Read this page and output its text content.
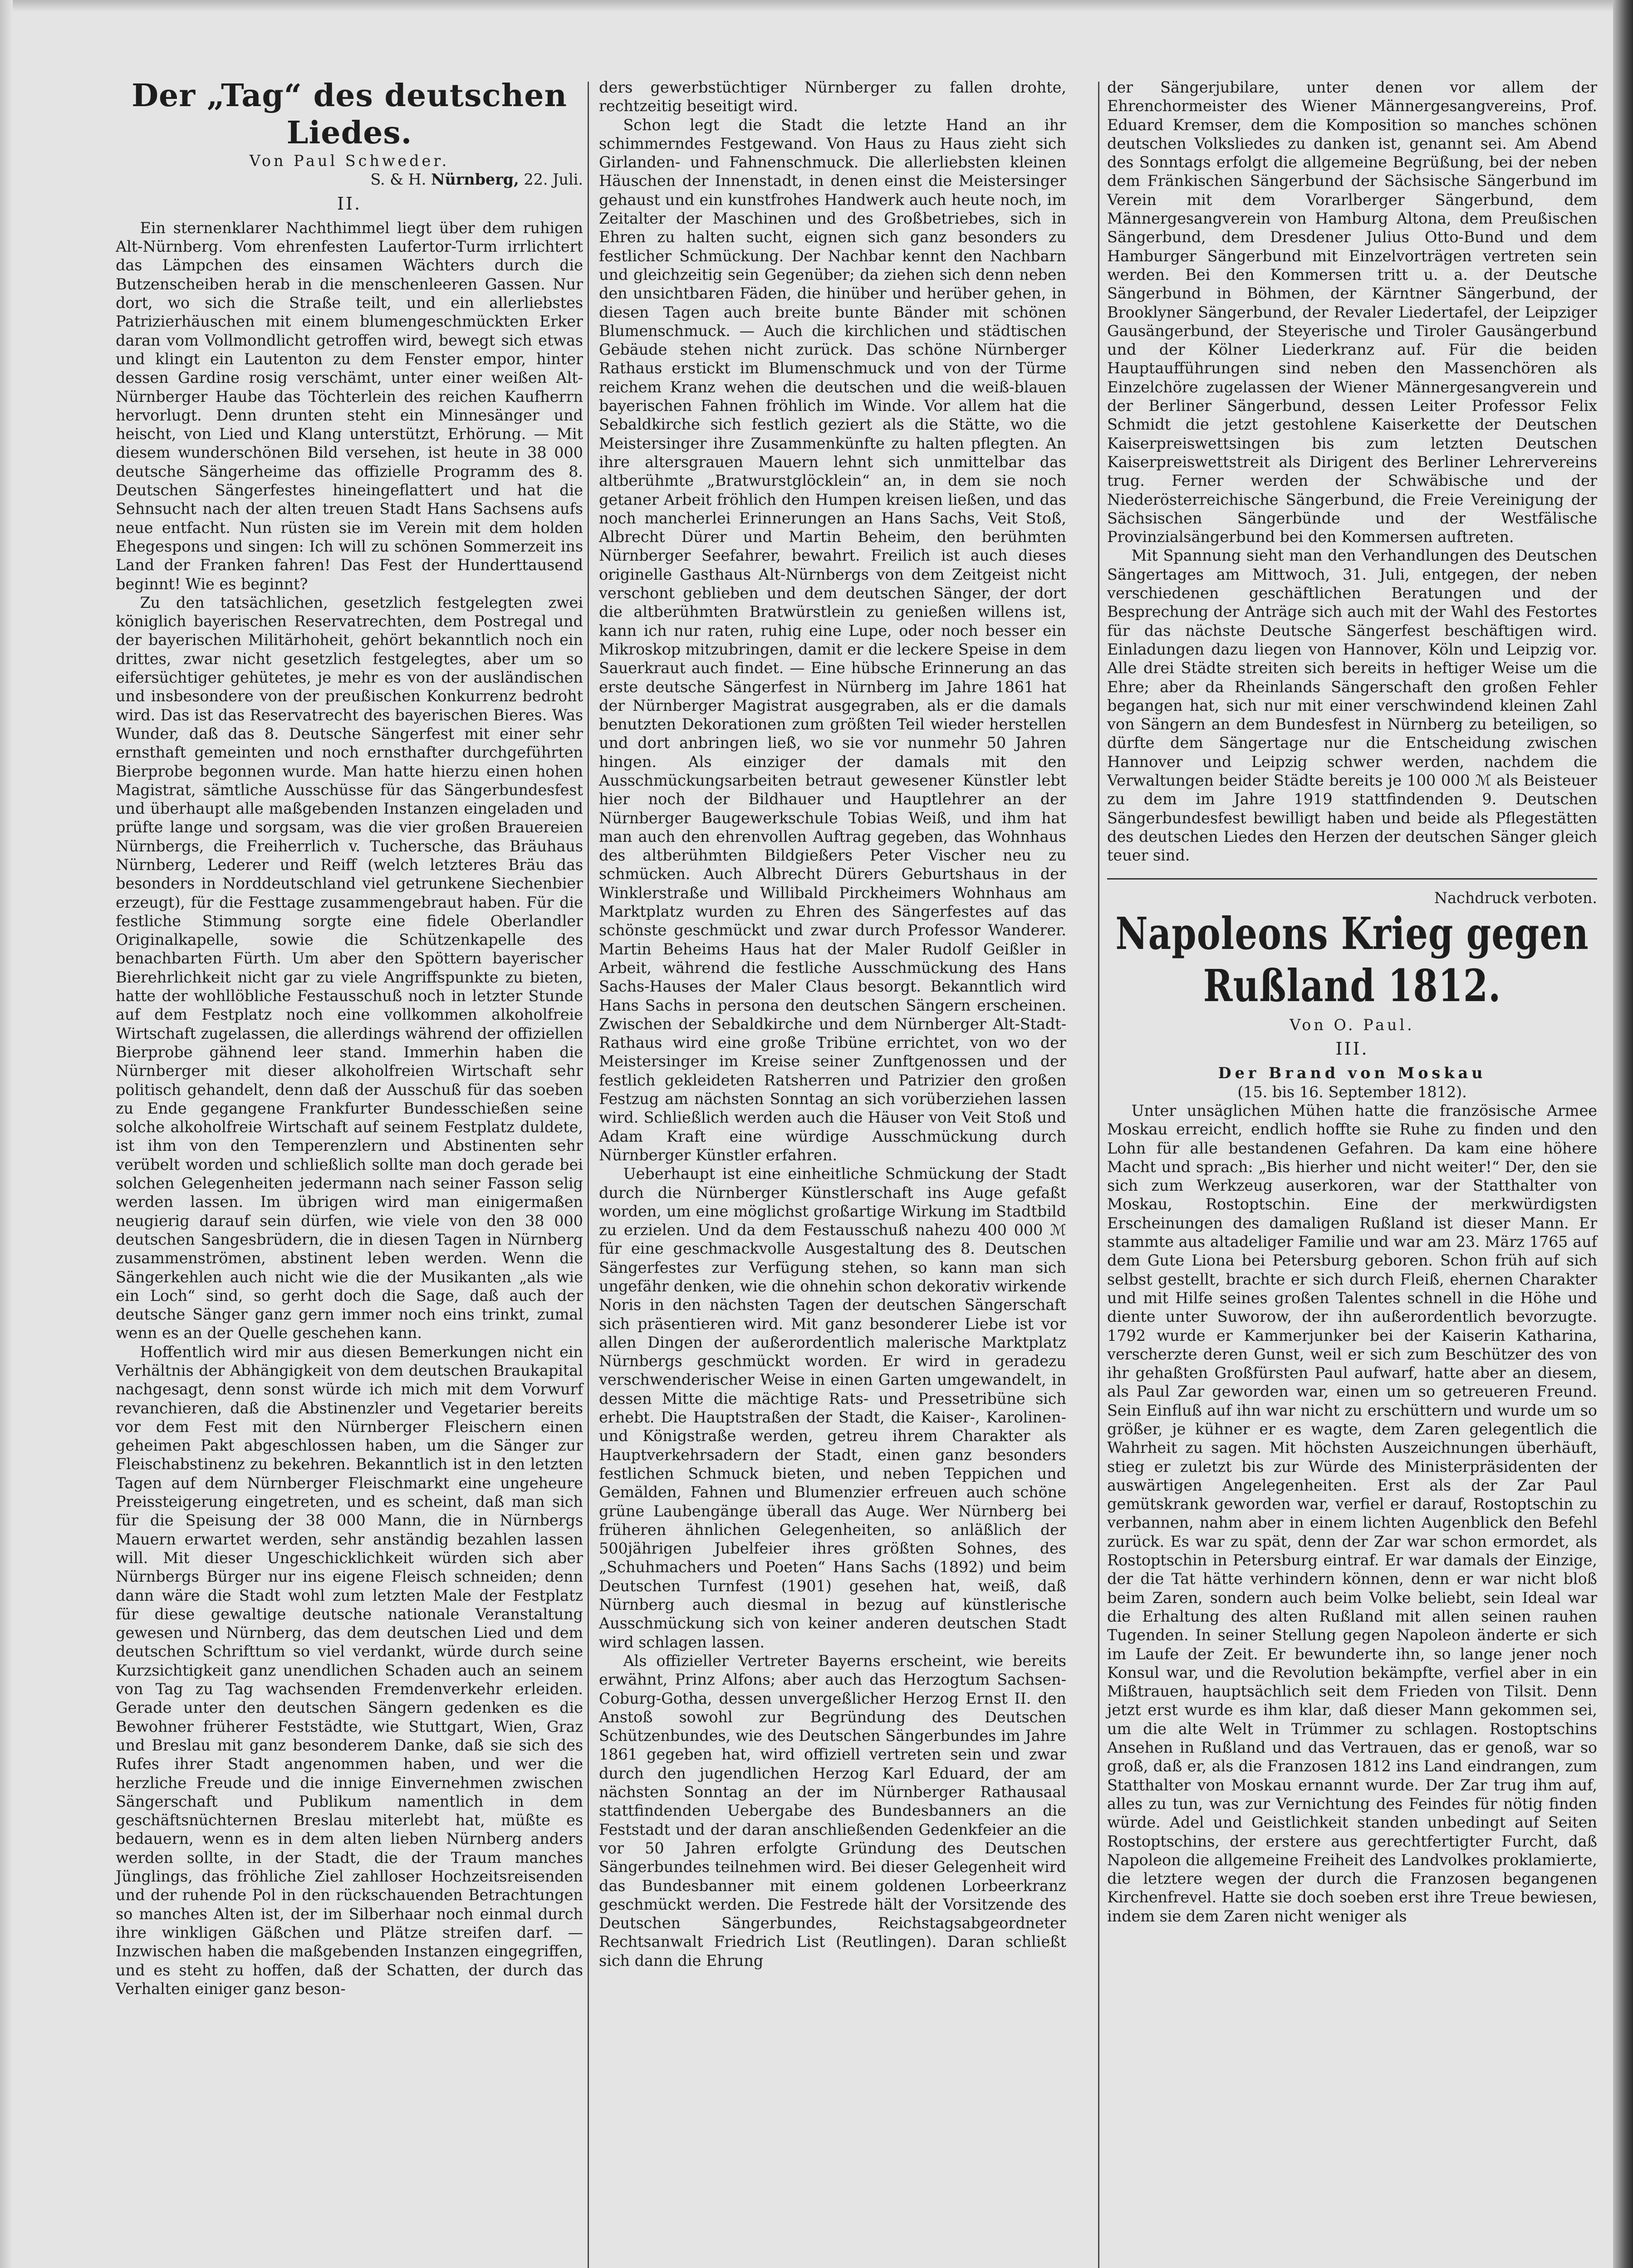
Der „Tag“ des deutschen Liedes.

Von Paul Schweder.

S. & H. Nürnberg, 22. Juli.

II.

Ein sternenklarer Nachthimmel liegt über dem ruhigen Alt-Nürnberg. Vom ehrenfesten Laufertor-Turm irrlichtert das Lämpchen des einsamen Wächters durch die Butzenscheiben herab in die menschenleeren Gassen. Nur dort, wo sich die Straße teilt, und ein allerliebstes Patrizierhäuschen mit einem blumengeschmückten Erker daran vom Vollmondlicht getroffen wird, bewegt sich etwas und klingt ein Lautenton zu dem Fenster empor, hinter dessen Gardine rosig verschämt, unter einer weißen Alt-Nürnberger Haube das Töchterlein des reichen Kaufherrn hervorlugt. Denn drunten steht ein Minnesänger und heischt, von Lied und Klang unterstützt, Erhörung. — Mit diesem wunderschönen Bild versehen, ist heute in 38 000 deutsche Sängerheime das offizielle Programm des 8. Deutschen Sängerfestes hineingeflattert und hat die Sehnsucht nach der alten treuen Stadt Hans Sachsens aufs neue entfacht. Nun rüsten sie im Verein mit dem holden Ehegespons und singen: Ich will zu schönen Sommerzeit ins Land der Franken fahren! Das Fest der Hunderttausend beginnt! Wie es beginnt?

Zu den tatsächlichen, gesetzlich festgelegten zwei königlich bayerischen Reservatrechten, dem Postregal und der bayerischen Militärhoheit, gehört bekanntlich noch ein drittes, zwar nicht gesetzlich festgelegtes, aber um so eifersüchtiger gehütetes, je mehr es von der ausländischen und insbesondere von der preußischen Konkurrenz bedroht wird. Das ist das Reservatrecht des bayerischen Bieres. Was Wunder, daß das 8. Deutsche Sängerfest mit einer sehr ernsthaft gemeinten und noch ernsthafter durchgeführten Bierprobe begonnen wurde. Man hatte hierzu einen hohen Magistrat, sämtliche Ausschüsse für das Sängerbundesfest und überhaupt alle maßgebenden Instanzen eingeladen und prüfte lange und sorgsam, was die vier großen Brauereien Nürnbergs, die Freiherrlich v. Tuchersche, das Bräuhaus Nürnberg, Lederer und Reiff (welch letzteres Bräu das besonders in Norddeutschland viel getrunkene Siechenbier erzeugt), für die Festtage zusammengebraut haben. Für die festliche Stimmung sorgte eine fidele Oberlandler Originalkapelle, sowie die Schützenkapelle des benachbarten Fürth. Um aber den Spöttern bayerischer Bierehrlichkeit nicht gar zu viele Angriffspunkte zu bieten, hatte der wohllöbliche Festausschuß noch in letzter Stunde auf dem Festplatz noch eine vollkommen alkoholfreie Wirtschaft zugelassen, die allerdings während der offiziellen Bierprobe gähnend leer stand. Immerhin haben die Nürnberger mit dieser alkoholfreien Wirtschaft sehr politisch gehandelt, denn daß der Ausschuß für das soeben zu Ende gegangene Frankfurter Bundesschießen seine solche alkoholfreie Wirtschaft auf seinem Festplatz duldete, ist ihm von den Temperenzlern und Abstinenten sehr verübelt worden und schließlich sollte man doch gerade bei solchen Gelegenheiten jedermann nach seiner Fasson selig werden lassen. Im übrigen wird man einigermaßen neugierig darauf sein dürfen, wie viele von den 38 000 deutschen Sangesbrüdern, die in diesen Tagen in Nürnberg zusammenströmen, abstinent leben werden. Wenn die Sängerkehlen auch nicht wie die der Musikanten „als wie ein Loch“ sind, so gerht doch die Sage, daß auch der deutsche Sänger ganz gern immer noch eins trinkt, zumal wenn es an der Quelle geschehen kann.

Hoffentlich wird mir aus diesen Bemerkungen nicht ein Verhältnis der Abhängigkeit von dem deutschen Braukapital nachgesagt, denn sonst würde ich mich mit dem Vorwurf revanchieren, daß die Abstinenzler und Vegetarier bereits vor dem Fest mit den Nürnberger Fleischern einen geheimen Pakt abgeschlossen haben, um die Sänger zur Fleischabstinenz zu bekehren. Bekanntlich ist in den letzten Tagen auf dem Nürnberger Fleischmarkt eine ungeheure Preissteigerung eingetreten, und es scheint, daß man sich für die Speisung der 38 000 Mann, die in Nürnbergs Mauern erwartet werden, sehr anständig bezahlen lassen will. Mit dieser Ungeschicklichkeit würden sich aber Nürnbergs Bürger nur ins eigene Fleisch schneiden; denn dann wäre die Stadt wohl zum letzten Male der Festplatz für diese gewaltige deutsche nationale Veranstaltung gewesen und Nürnberg, das dem deutschen Lied und dem deutschen Schrifttum so viel verdankt, würde durch seine Kurzsichtigkeit ganz unendlichen Schaden auch an seinem von Tag zu Tag wachsenden Fremdenverkehr erleiden. Gerade unter den deutschen Sängern gedenken es die Bewohner früherer Feststädte, wie Stuttgart, Wien, Graz und Breslau mit ganz besonderem Danke, daß sie sich des Rufes ihrer Stadt angenommen haben, und wer die herzliche Freude und die innige Einvernehmen zwischen Sängerschaft und Publikum namentlich in dem geschäftsnüchternen Breslau miterlebt hat, müßte es bedauern, wenn es in dem alten lieben Nürnberg anders werden sollte, in der Stadt, die der Traum manches Jünglings, das fröhliche Ziel zahlloser Hochzeitsreisenden und der ruhende Pol in den rückschauenden Betrachtungen so manches Alten ist, der im Silberhaar noch einmal durch ihre winkligen Gäßchen und Plätze streifen darf. — Inzwischen haben die maßgebenden Instanzen eingegriffen, und es steht zu hoffen, daß der Schatten, der durch das Verhalten einiger ganz beson-

ders gewerbstüchtiger Nürnberger zu fallen drohte, rechtzeitig beseitigt wird.

Schon legt die Stadt die letzte Hand an ihr schimmerndes Festgewand. Von Haus zu Haus zieht sich Girlanden- und Fahnenschmuck. Die allerliebsten kleinen Häuschen der Innenstadt, in denen einst die Meistersinger gehaust und ein kunstfrohes Handwerk auch heute noch, im Zeitalter der Maschinen und des Großbetriebes, sich in Ehren zu halten sucht, eignen sich ganz besonders zu festlicher Schmückung. Der Nachbar kennt den Nachbarn und gleichzeitig sein Gegenüber; da ziehen sich denn neben den unsichtbaren Fäden, die hinüber und herüber gehen, in diesen Tagen auch breite bunte Bänder mit schönen Blumenschmuck. — Auch die kirchlichen und städtischen Gebäude stehen nicht zurück. Das schöne Nürnberger Rathaus erstickt im Blumenschmuck und von der Türme reichem Kranz wehen die deutschen und die weiß-blauen bayerischen Fahnen fröhlich im Winde. Vor allem hat die Sebaldkirche sich festlich geziert als die Stätte, wo die Meistersinger ihre Zusammenkünfte zu halten pflegten. An ihre altersgrauen Mauern lehnt sich unmittelbar das altberühmte „Bratwurstglöcklein“ an, in dem sie noch getaner Arbeit fröhlich den Humpen kreisen ließen, und das noch mancherlei Erinnerungen an Hans Sachs, Veit Stoß, Albrecht Dürer und Martin Beheim, den berühmten Nürnberger Seefahrer, bewahrt. Freilich ist auch dieses originelle Gasthaus Alt-Nürnbergs von dem Zeitgeist nicht verschont geblieben und dem deutschen Sänger, der dort die altberühmten Bratwürstlein zu genießen willens ist, kann ich nur raten, ruhig eine Lupe, oder noch besser ein Mikroskop mitzubringen, damit er die leckere Speise in dem Sauerkraut auch findet. — Eine hübsche Erinnerung an das erste deutsche Sängerfest in Nürnberg im Jahre 1861 hat der Nürnberger Magistrat ausgegraben, als er die damals benutzten Dekorationen zum größten Teil wieder herstellen und dort anbringen ließ, wo sie vor nunmehr 50 Jahren hingen. Als einziger der damals mit den Ausschmückungsarbeiten betraut gewesener Künstler lebt hier noch der Bildhauer und Hauptlehrer an der Nürnberger Baugewerkschule Tobias Weiß, und ihm hat man auch den ehrenvollen Auftrag gegeben, das Wohnhaus des altberühmten Bildgießers Peter Vischer neu zu schmücken. Auch Albrecht Dürers Geburtshaus in der Winklerstraße und Willibald Pirckheimers Wohnhaus am Marktplatz wurden zu Ehren des Sängerfestes auf das schönste geschmückt und zwar durch Professor Wanderer. Martin Beheims Haus hat der Maler Rudolf Geißler in Arbeit, während die festliche Ausschmückung des Hans Sachs-Hauses der Maler Claus besorgt. Bekanntlich wird Hans Sachs in persona den deutschen Sängern erscheinen. Zwischen der Sebaldkirche und dem Nürnberger Alt-Stadt-Rathaus wird eine große Tribüne errichtet, von wo der Meistersinger im Kreise seiner Zunftgenossen und der festlich gekleideten Ratsherren und Patrizier den großen Festzug am nächsten Sonntag an sich vorüberziehen lassen wird. Schließlich werden auch die Häuser von Veit Stoß und Adam Kraft eine würdige Ausschmückung durch Nürnberger Künstler erfahren.

Ueberhaupt ist eine einheitliche Schmückung der Stadt durch die Nürnberger Künstlerschaft ins Auge gefaßt worden, um eine möglichst großartige Wirkung im Stadtbild zu erzielen. Und da dem Festausschuß nahezu 400 000 ℳ für eine geschmackvolle Ausgestaltung des 8. Deutschen Sängerfestes zur Verfügung stehen, so kann man sich ungefähr denken, wie die ohnehin schon dekorativ wirkende Noris in den nächsten Tagen der deutschen Sängerschaft sich präsentieren wird. Mit ganz besonderer Liebe ist vor allen Dingen der außerordentlich malerische Marktplatz Nürnbergs geschmückt worden. Er wird in geradezu verschwenderischer Weise in einen Garten umgewandelt, in dessen Mitte die mächtige Rats- und Pressetribüne sich erhebt. Die Hauptstraßen der Stadt, die Kaiser-, Karolinen- und Königstraße werden, getreu ihrem Charakter als Hauptverkehrsadern der Stadt, einen ganz besonders festlichen Schmuck bieten, und neben Teppichen und Gemälden, Fahnen und Blumenzier erfreuen auch schöne grüne Laubengänge überall das Auge. Wer Nürnberg bei früheren ähnlichen Gelegenheiten, so anläßlich der 500jährigen Jubelfeier ihres größten Sohnes, des „Schuhmachers und Poeten“ Hans Sachs (1892) und beim Deutschen Turnfest (1901) gesehen hat, weiß, daß Nürnberg auch diesmal in bezug auf künstlerische Ausschmückung sich von keiner anderen deutschen Stadt wird schlagen lassen.

Als offizieller Vertreter Bayerns erscheint, wie bereits erwähnt, Prinz Alfons; aber auch das Herzogtum Sachsen-Coburg-Gotha, dessen unvergeßlicher Herzog Ernst II. den Anstoß sowohl zur Begründung des Deutschen Schützenbundes, wie des Deutschen Sängerbundes im Jahre 1861 gegeben hat, wird offiziell vertreten sein und zwar durch den jugendlichen Herzog Karl Eduard, der am nächsten Sonntag an der im Nürnberger Rathausaal stattfindenden Uebergabe des Bundesbanners an die Feststadt und der daran anschließenden Gedenkfeier an die vor 50 Jahren erfolgte Gründung des Deutschen Sängerbundes teilnehmen wird. Bei dieser Gelegenheit wird das Bundesbanner mit einem goldenen Lorbeerkranz geschmückt werden. Die Festrede hält der Vorsitzende des Deutschen Sängerbundes, Reichstagsabgeordneter Rechtsanwalt Friedrich List (Reutlingen). Daran schließt sich dann die Ehrung

der Sängerjubilare, unter denen vor allem der Ehrenchormeister des Wiener Männergesangvereins, Prof. Eduard Kremser, dem die Komposition so manches schönen deutschen Volksliedes zu danken ist, genannt sei. Am Abend des Sonntags erfolgt die allgemeine Begrüßung, bei der neben dem Fränkischen Sängerbund der Sächsische Sängerbund im Verein mit dem Vorarlberger Sängerbund, dem Männergesangverein von Hamburg Altona, dem Preußischen Sängerbund, dem Dresdener Julius Otto-Bund und dem Hamburger Sängerbund mit Einzelvorträgen vertreten sein werden. Bei den Kommersen tritt u. a. der Deutsche Sängerbund in Böhmen, der Kärntner Sängerbund, der Brooklyner Sängerbund, der Revaler Liedertafel, der Leipziger Gausängerbund, der Steyerische und Tiroler Gausängerbund und der Kölner Liederkranz auf. Für die beiden Hauptaufführungen sind neben den Massenchören als Einzelchöre zugelassen der Wiener Männergesangverein und der Berliner Sängerbund, dessen Leiter Professor Felix Schmidt die jetzt gestohlene Kaiserkette der Deutschen Kaiserpreiswettsingen bis zum letzten Deutschen Kaiserpreiswettstreit als Dirigent des Berliner Lehrervereins trug. Ferner werden der Schwäbische und der Niederösterreichische Sängerbund, die Freie Vereinigung der Sächsischen Sängerbünde und der Westfälische Provinzialsängerbund bei den Kommersen auftreten.

Mit Spannung sieht man den Verhandlungen des Deutschen Sängertages am Mittwoch, 31. Juli, entgegen, der neben verschiedenen geschäftlichen Beratungen und der Besprechung der Anträge sich auch mit der Wahl des Festortes für das nächste Deutsche Sängerfest beschäftigen wird. Einladungen dazu liegen von Hannover, Köln und Leipzig vor. Alle drei Städte streiten sich bereits in heftiger Weise um die Ehre; aber da Rheinlands Sängerschaft den großen Fehler begangen hat, sich nur mit einer verschwindend kleinen Zahl von Sängern an dem Bundesfest in Nürnberg zu beteiligen, so dürfte dem Sängertage nur die Entscheidung zwischen Hannover und Leipzig schwer werden, nachdem die Verwaltungen beider Städte bereits je 100 000 ℳ als Beisteuer zu dem im Jahre 1919 stattfindenden 9. Deutschen Sängerbundesfest bewilligt haben und beide als Pflegestätten des deutschen Liedes den Herzen der deutschen Sänger gleich teuer sind.

Nachdruck verboten.

Napoleons Krieg gegen Rußland 1812.

Von O. Paul.

III.

Der Brand von Moskau

(15. bis 16. September 1812).

Unter unsäglichen Mühen hatte die französische Armee Moskau erreicht, endlich hoffte sie Ruhe zu finden und den Lohn für alle bestandenen Gefahren. Da kam eine höhere Macht und sprach: „Bis hierher und nicht weiter!“ Der, den sie sich zum Werkzeug auserkoren, war der Statthalter von Moskau, Rostoptschin. Eine der merkwürdigsten Erscheinungen des damaligen Rußland ist dieser Mann. Er stammte aus altadeliger Familie und war am 23. März 1765 auf dem Gute Liona bei Petersburg geboren. Schon früh auf sich selbst gestellt, brachte er sich durch Fleiß, ehernen Charakter und mit Hilfe seines großen Talentes schnell in die Höhe und diente unter Suworow, der ihn außerordentlich bevorzugte. 1792 wurde er Kammerjunker bei der Kaiserin Katharina, verscherzte deren Gunst, weil er sich zum Beschützer des von ihr gehaßten Großfürsten Paul aufwarf, hatte aber an diesem, als Paul Zar geworden war, einen um so getreueren Freund. Sein Einfluß auf ihn war nicht zu erschüttern und wurde um so größer, je kühner er es wagte, dem Zaren gelegentlich die Wahrheit zu sagen. Mit höchsten Auszeichnungen überhäuft, stieg er zuletzt bis zur Würde des Ministerpräsidenten der auswärtigen Angelegenheiten. Erst als der Zar Paul gemütskrank geworden war, verfiel er darauf, Rostoptschin zu verbannen, nahm aber in einem lichten Augenblick den Befehl zurück. Es war zu spät, denn der Zar war schon ermordet, als Rostoptschin in Petersburg eintraf. Er war damals der Einzige, der die Tat hätte verhindern können, denn er war nicht bloß beim Zaren, sondern auch beim Volke beliebt, sein Ideal war die Erhaltung des alten Rußland mit allen seinen rauhen Tugenden. In seiner Stellung gegen Napoleon änderte er sich im Laufe der Zeit. Er bewunderte ihn, so lange jener noch Konsul war, und die Revolution bekämpfte, verfiel aber in ein Mißtrauen, hauptsächlich seit dem Frieden von Tilsit. Denn jetzt erst wurde es ihm klar, daß dieser Mann gekommen sei, um die alte Welt in Trümmer zu schlagen. Rostoptschins Ansehen in Rußland und das Vertrauen, das er genoß, war so groß, daß er, als die Franzosen 1812 ins Land eindrangen, zum Statthalter von Moskau ernannt wurde. Der Zar trug ihm auf, alles zu tun, was zur Vernichtung des Feindes für nötig finden würde. Adel und Geistlichkeit standen unbedingt auf Seiten Rostoptschins, der erstere aus gerechtfertigter Furcht, daß Napoleon die allgemeine Freiheit des Landvolkes proklamierte, die letztere wegen der durch die Franzosen begangenen Kirchenfrevel. Hatte sie doch soeben erst ihre Treue bewiesen, indem sie dem Zaren nicht weniger als
